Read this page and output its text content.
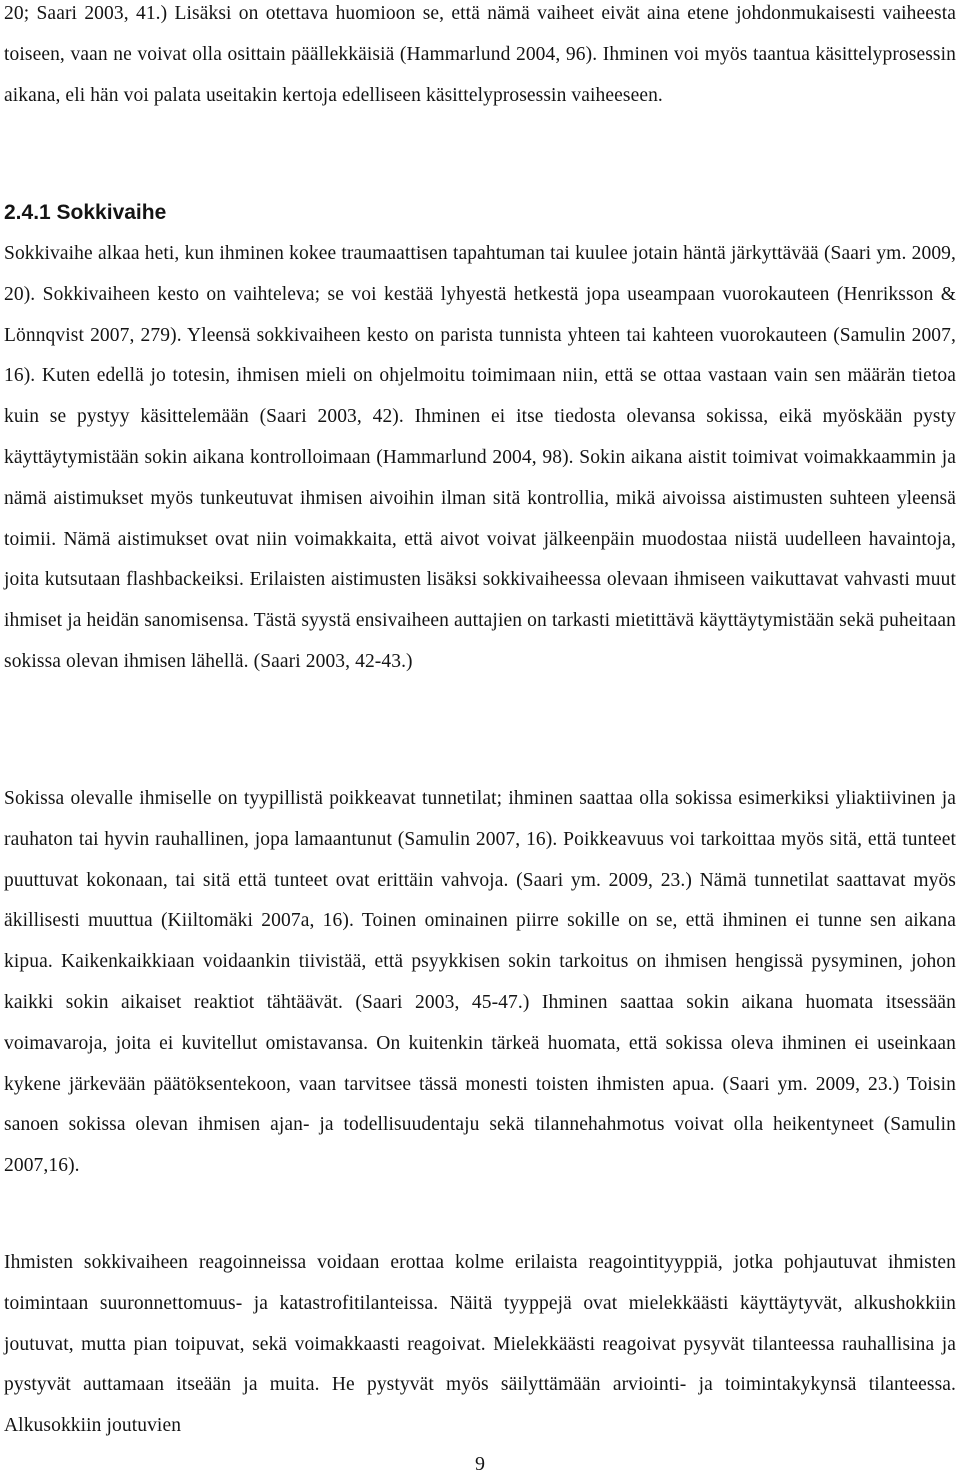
20; Saari 2003, 41.) Lisäksi on otettava huomioon se, että nämä vaiheet eivät aina etene johdonmukaisesti vaiheesta toiseen, vaan ne voivat olla osittain päällekkäisiä (Hammarlund 2004, 96). Ihminen voi myös taantua käsittelyprosessin aikana, eli hän voi palata useitakin kertoja edelliseen käsittelyprosessin vaiheeseen.

2.4.1 Sokkivaihe

Sokkivaihe alkaa heti, kun ihminen kokee traumaattisen tapahtuman tai kuulee jotain häntä järkyttävää (Saari ym. 2009, 20). Sokkivaiheen kesto on vaihteleva; se voi kestää lyhyestä hetkestä jopa useampaan vuorokauteen (Henriksson & Lönnqvist 2007, 279). Yleensä sokkivaiheen kesto on parista tunnista yhteen tai kahteen vuorokauteen (Samulin 2007, 16). Kuten edellä jo totesin, ihmisen mieli on ohjelmoitu toimimaan niin, että se ottaa vastaan vain sen määrän tietoa kuin se pystyy käsittelemään (Saari 2003, 42). Ihminen ei itse tiedosta olevansa sokissa, eikä myöskään pysty käyttäytymistään sokin aikana kontrolloimaan (Hammarlund 2004, 98). Sokin aikana aistit toimivat voimakkaammin ja nämä aistimukset myös tunkeutuvat ihmisen aivoihin ilman sitä kontrollia, mikä aivoissa aistimusten suhteen yleensä toimii. Nämä aistimukset ovat niin voimakkaita, että aivot voivat jälkeenpäin muodostaa niistä uudelleen havaintoja, joita kutsutaan flashbackeiksi. Erilaisten aistimusten lisäksi sokkivaiheessa olevaan ihmiseen vaikuttavat vahvasti muut ihmiset ja heidän sanomisensa. Tästä syystä ensivaiheen auttajien on tarkasti mietittävä käyttäytymistään sekä puheitaan sokissa olevan ihmisen lähellä. (Saari 2003, 42-43.)

Sokissa olevalle ihmiselle on tyypillistä poikkeavat tunnetilat; ihminen saattaa olla sokissa esimerkiksi yliaktiivinen ja rauhaton tai hyvin rauhallinen, jopa lamaantunut (Samulin 2007, 16). Poikkeavuus voi tarkoittaa myös sitä, että tunteet puuttuvat kokonaan, tai sitä että tunteet ovat erittäin vahvoja. (Saari ym. 2009, 23.) Nämä tunnetilat saattavat myös äkillisesti muuttua (Kiiltomäki 2007a, 16). Toinen ominainen piirre sokille on se, että ihminen ei tunne sen aikana kipua. Kaikenkaikkiaan voidaankin tiivistää, että psyykkisen sokin tarkoitus on ihmisen hengissä pysyminen, johon kaikki sokin aikaiset reaktiot tähtäävät. (Saari 2003, 45-47.) Ihminen saattaa sokin aikana huomata itsessään voimavaroja, joita ei kuvitellut omistavansa. On kuitenkin tärkeä huomata, että sokissa oleva ihminen ei useinkaan kykene järkevään päätöksentekoon, vaan tarvitsee tässä monesti toisten ihmisten apua. (Saari ym. 2009, 23.) Toisin sanoen sokissa olevan ihmisen ajan- ja todellisuudentaju sekä tilannehahmotus voivat olla heikentyneet (Samulin 2007,16).

Ihmisten sokkivaiheen reagoinneissa voidaan erottaa kolme erilaista reagointityyppiä, jotka pohjautuvat ihmisten toimintaan suuronnettomuus- ja katastrofitilanteissa. Näitä tyyppejä ovat mielekkäästi käyttäytyvät, alkushokkiin joutuvat, mutta pian toipuvat, sekä voimakkaasti reagoivat. Mielekkäästi reagoivat pysyvät tilanteessa rauhallisina ja pystyvät auttamaan itseään ja muita. He pystyvät myös säilyttämään arviointi- ja toimintakykynsä tilanteessa. Alkusokkiin joutuvien

9
